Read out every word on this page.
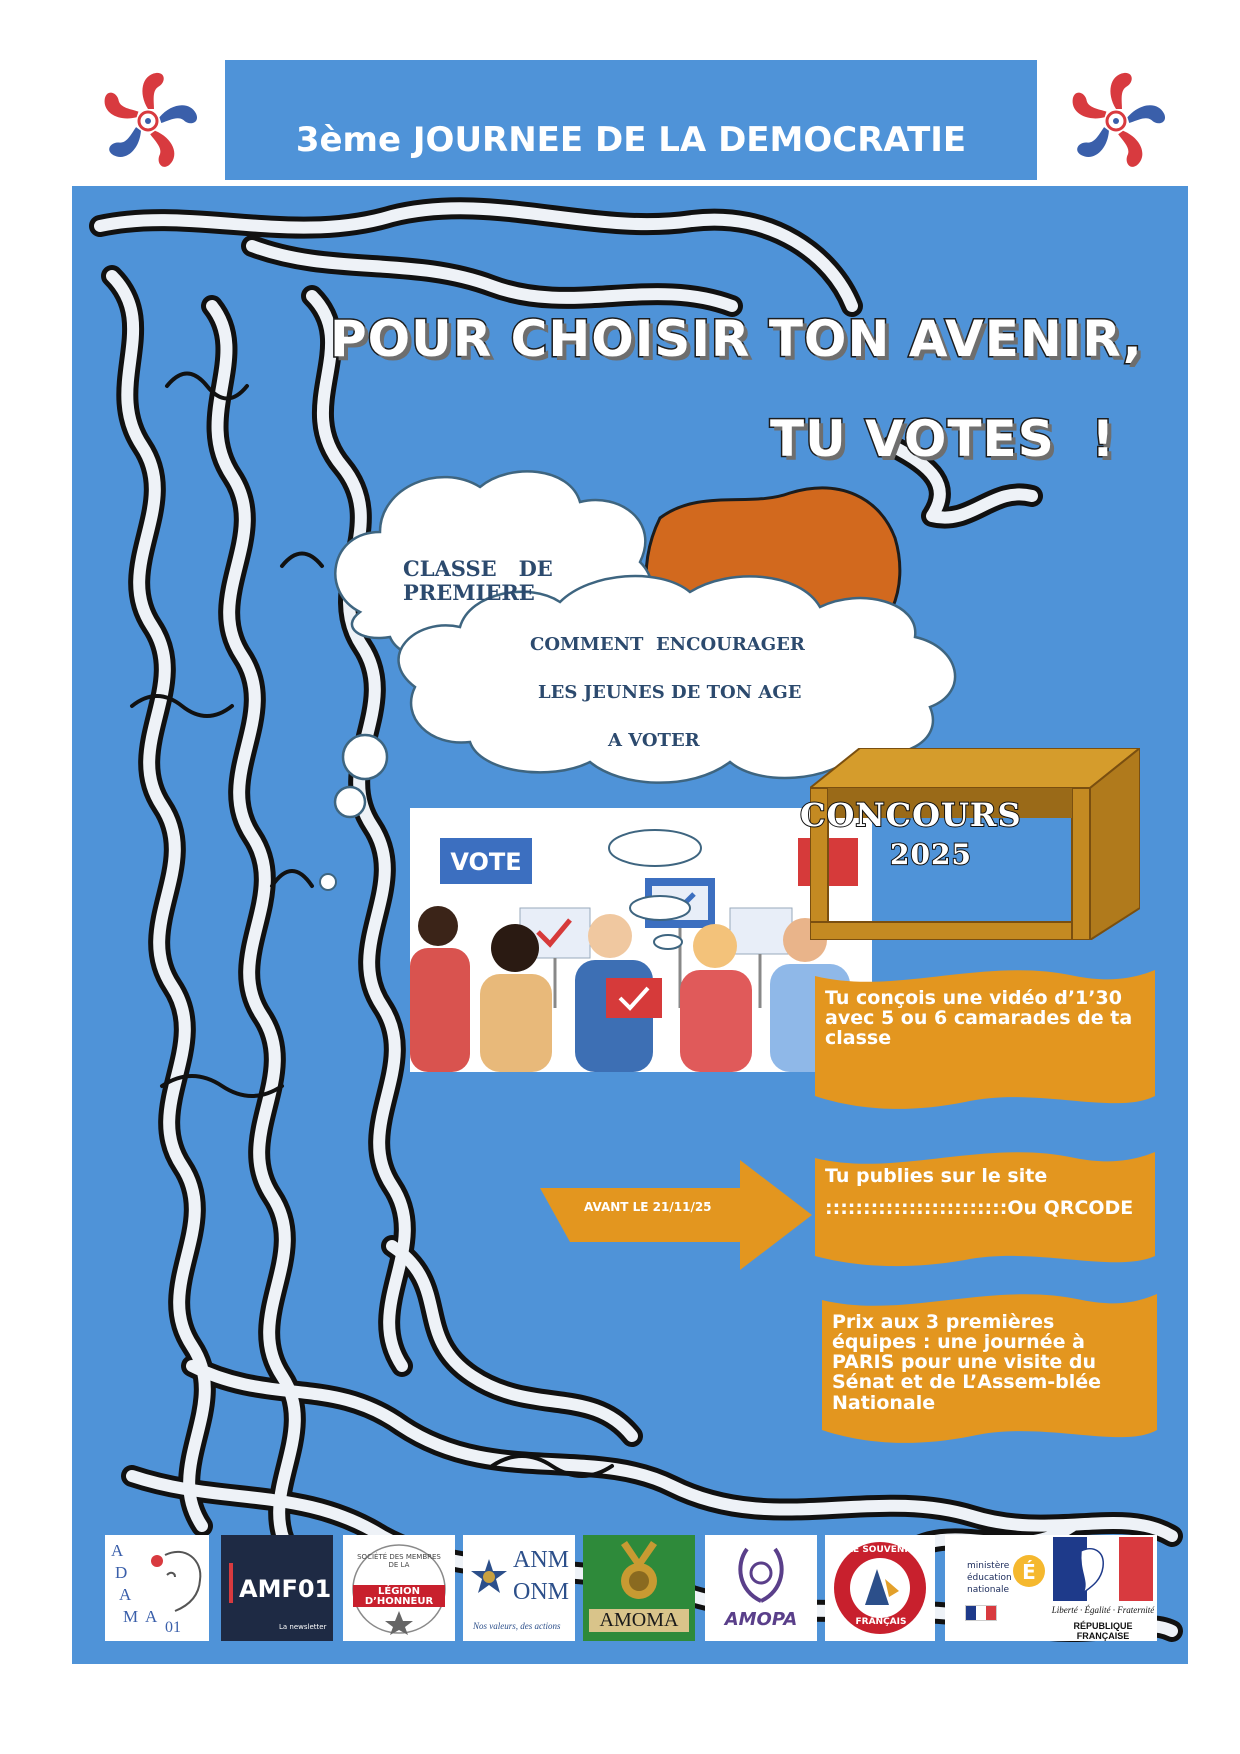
3ème JOURNEE DE LA DEMOCRATIE
POUR CHOISIR TON AVENIR,
TU VOTES  !
CLASSE   DE
PREMIERE
COMMENT  ENCOURAGER
LES JEUNES DE TON AGE
A VOTER
VOTE
CONCOURS
2025
Tu conçois une vidéo d’1’30 avec 5 ou 6 camarades de ta classe
Tu publies sur le site
::::::::::::::::::::::::Ou QRCODE
Prix aux 3 premières équipes : une journée à PARIS pour une visite du Sénat et de L’Assem-blée Nationale
AVANT LE 21/11/25
A
D
A
M A
01
AMF01
La newsletter
SOCIÉTÉ DES MEMBRES DE LA
LÉGION D’HONNEUR
ANM
ONM
Nos valeurs, des actions	AMOMA	AMOPA
LE SOUVENIR
FRANÇAIS
ministère
éducation
nationale
É
Liberté · Égalité · Fraternité
RÉPUBLIQUE FRANÇAISE
